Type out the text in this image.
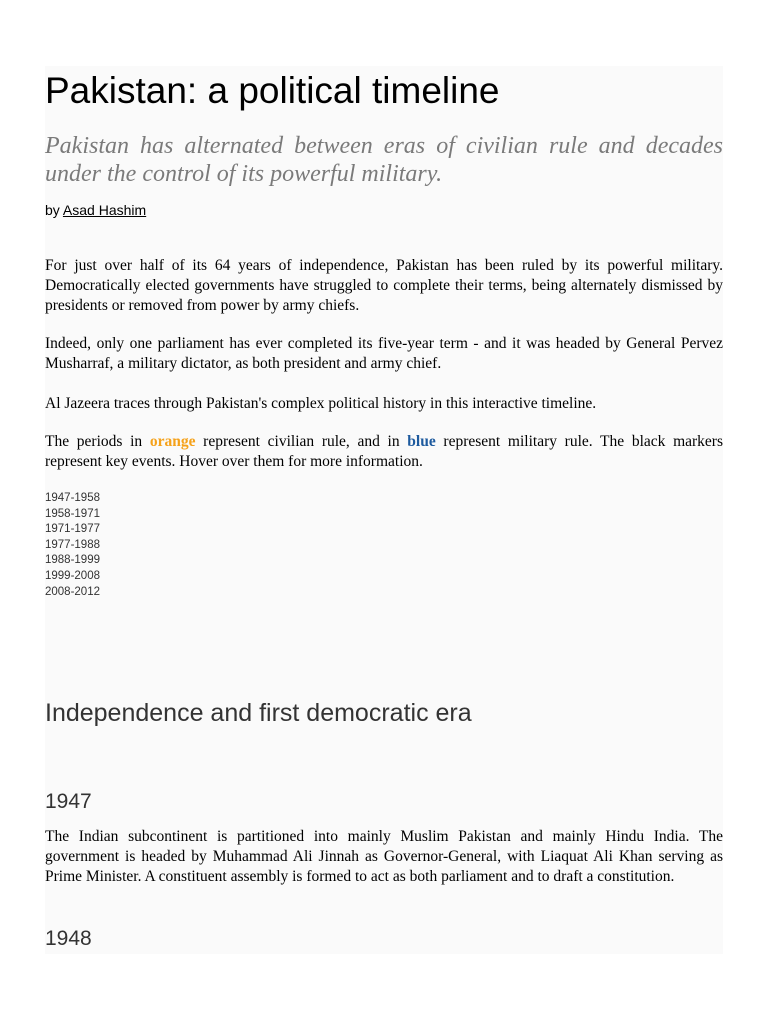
Pakistan: a political timeline

Pakistan has alternated between eras of civilian rule and decades under the control of its powerful military.

by Asad Hashim

For just over half of its 64 years of independence, Pakistan has been ruled by its powerful military. Democratically elected governments have struggled to complete their terms, being alternately dismissed by presidents or removed from power by army chiefs.

Indeed, only one parliament has ever completed its five-year term - and it was headed by General Pervez Musharraf, a military dictator, as both president and army chief.

Al Jazeera traces through Pakistan's complex political history in this interactive timeline.

The periods in orange represent civilian rule, and in blue represent military rule. The black markers represent key events. Hover over them for more information.

1947-1958
1958-1971
1971-1977
1977-1988
1988-1999
1999-2008
2008-2012
Independence and first democratic era
1947

The Indian subcontinent is partitioned into mainly Muslim Pakistan and mainly Hindu India. The government is headed by Muhammad Ali Jinnah as Governor-General, with Liaquat Ali Khan serving as Prime Minister. A constituent assembly is formed to act as both parliament and to draft a constitution.

1948
